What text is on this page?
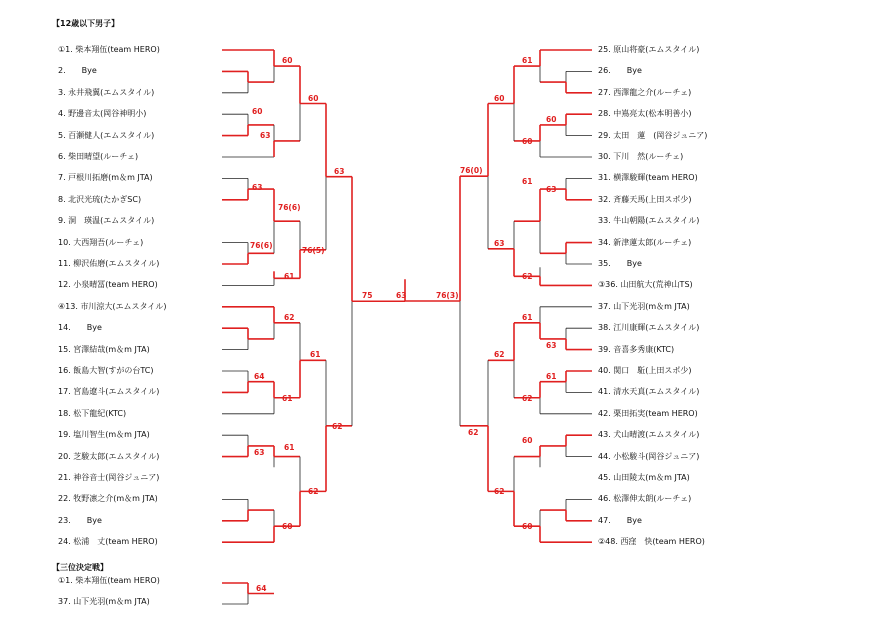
【12歳以下男子】
【三位決定戦】
①1. 柴本翔伍(team HERO)
2.　　Bye
3. 永井飛翼(エムスタイル)
4. 野邊音太(岡谷神明小)
5. 百瀬健人(エムスタイル)
6. 柴田晴望(ルーチェ)
7. 戸根川拓磨(m＆m JTA)
8. 北沢光琉(たかぎSC)
9. 洞　瑛温(エムスタイル)
10. 大西翔吾(ルーチェ)
11. 柳沢佑磨(エムスタイル)
12. 小泉晴冨(team HERO)
④13. 市川涼大(エムスタイル)
14.　　Bye
15. 宮澤結哉(m＆m JTA)
16. 飯島大智(すがの台TC)
17. 宮島遼斗(エムスタイル)
18. 松下龍紀(KTC)
19. 塩川智生(m＆m JTA)
20. 芝駿太郎(エムスタイル)
21. 神谷音士(岡谷ジュニア)
22. 牧野凛之介(m＆m JTA)
23.　　Bye
24. 松浦　丈(team HERO)
25. 原山将豪(エムスタイル)
26.　　Bye
27. 西澤龍之介(ルーチェ)
28. 中嶌亮太(松本明善小)
29. 太田　蓮　(岡谷ジュニア)
30. 下川　然(ルーチェ)
31. 横澤駿輝(team HERO)
32. 斉藤天馬(上田スポ少)
33. 牛山朝陽(エムスタイル)
34. 新津蓮太郎(ルーチェ)
35.　　Bye
③36. 山田航大(荒神山TS)
37. 山下光羽(m＆m JTA)
38. 江川康輝(エムスタイル)
39. 音喜多秀康(KTC)
40. 関口　駈(上田スポ少)
41. 清水天真(エムスタイル)
42. 栗田拓実(team HERO)
43. 犬山晴渡(エムスタイル)
44. 小松駿斗(岡谷ジュニア)
45. 山田陵太(m＆m JTA)
46. 松澤伸太朗(ルーチェ)
47.　　Bye
②48. 西窪　快(team HERO)
①1. 柴本翔伍(team HERO)
37. 山下光羽(m＆m JTA)
60
60
63
60
76(6)
63
76(6)
61
76(5)
63
62
64
61
61
61
63
60
62
62
75
61
60
60
60
61
63
62
63
76(0)
61
63
61
62
62
60
60
62
62
76(3)
63
64
